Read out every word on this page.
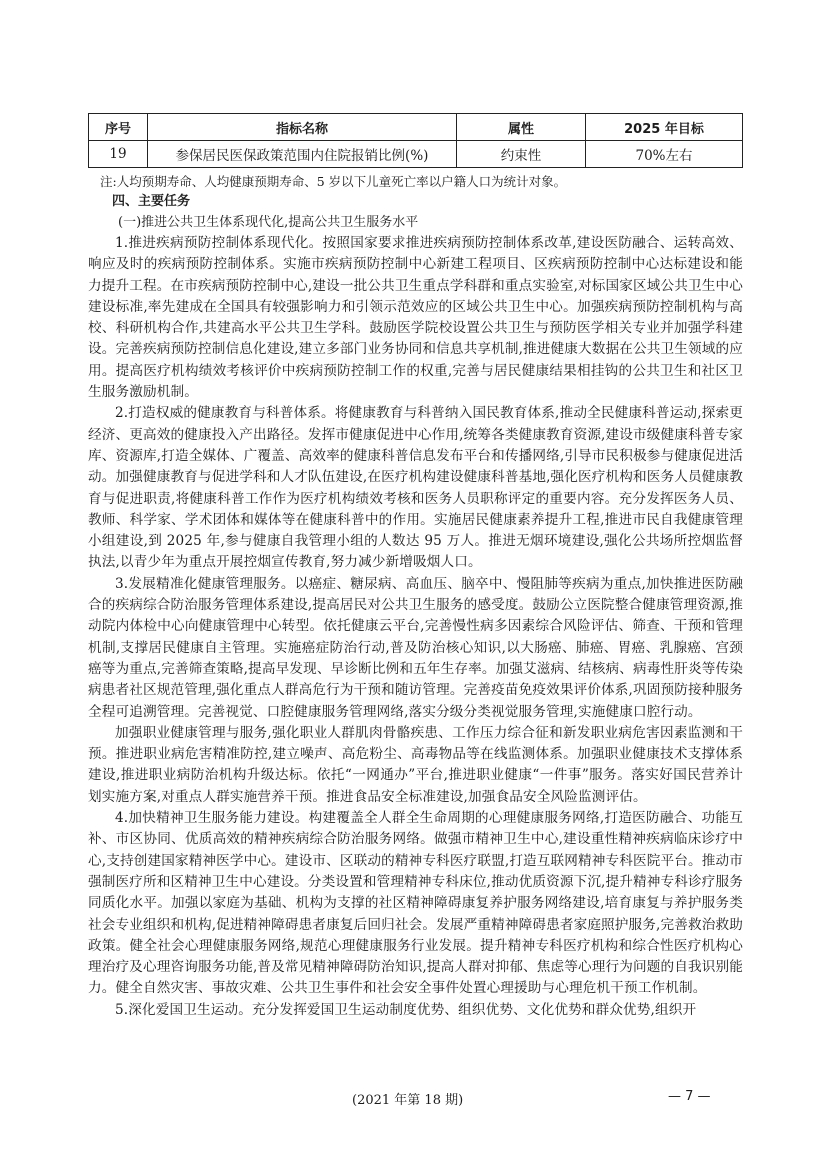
序号	指标名称	属性	2025 年目标
19	参保居民医保政策范围内住院报销比例(%)	约束性	70%左右
注:人均预期寿命、人均健康预期寿命、5 岁以下儿童死亡率以户籍人口为统计对象。
四、主要任务
(一)推进公共卫生体系现代化,提高公共卫生服务水平

1.推进疾病预防控制体系现代化。按照国家要求推进疾病预防控制体系改革,建设医防融合、运转高效、响应及时的疾病预防控制体系。实施市疾病预防控制中心新建工程项目、区疾病预防控制中心达标建设和能力提升工程。在市疾病预防控制中心,建设一批公共卫生重点学科群和重点实验室,对标国家区域公共卫生中心建设标准,率先建成在全国具有较强影响力和引领示范效应的区域公共卫生中心。加强疾病预防控制机构与高校、科研机构合作,共建高水平公共卫生学科。鼓励医学院校设置公共卫生与预防医学相关专业并加强学科建设。完善疾病预防控制信息化建设,建立多部门业务协同和信息共享机制,推进健康大数据在公共卫生领域的应用。提高医疗机构绩效考核评价中疾病预防控制工作的权重,完善与居民健康结果相挂钩的公共卫生和社区卫生服务激励机制。

2.打造权威的健康教育与科普体系。将健康教育与科普纳入国民教育体系,推动全民健康科普运动,探索更经济、更高效的健康投入产出路径。发挥市健康促进中心作用,统筹各类健康教育资源,建设市级健康科普专家库、资源库,打造全媒体、广覆盖、高效率的健康科普信息发布平台和传播网络,引导市民积极参与健康促进活动。加强健康教育与促进学科和人才队伍建设,在医疗机构建设健康科普基地,强化医疗机构和医务人员健康教育与促进职责,将健康科普工作作为医疗机构绩效考核和医务人员职称评定的重要内容。充分发挥医务人员、教师、科学家、学术团体和媒体等在健康科普中的作用。实施居民健康素养提升工程,推进市民自我健康管理小组建设,到 2025 年,参与健康自我管理小组的人数达 95 万人。推进无烟环境建设,强化公共场所控烟监督执法,以青少年为重点开展控烟宣传教育,努力减少新增吸烟人口。

3.发展精准化健康管理服务。以癌症、糖尿病、高血压、脑卒中、慢阻肺等疾病为重点,加快推进医防融合的疾病综合防治服务管理体系建设,提高居民对公共卫生服务的感受度。鼓励公立医院整合健康管理资源,推动院内体检中心向健康管理中心转型。依托健康云平台,完善慢性病多因素综合风险评估、筛查、干预和管理机制,支撑居民健康自主管理。实施癌症防治行动,普及防治核心知识,以大肠癌、肺癌、胃癌、乳腺癌、宫颈癌等为重点,完善筛查策略,提高早发现、早诊断比例和五年生存率。加强艾滋病、结核病、病毒性肝炎等传染病患者社区规范管理,强化重点人群高危行为干预和随访管理。完善疫苗免疫效果评价体系,巩固预防接种服务全程可追溯管理。完善视觉、口腔健康服务管理网络,落实分级分类视觉服务管理,实施健康口腔行动。

加强职业健康管理与服务,强化职业人群肌肉骨骼疾患、工作压力综合征和新发职业病危害因素监测和干预。推进职业病危害精准防控,建立噪声、高危粉尘、高毒物品等在线监测体系。加强职业健康技术支撑体系建设,推进职业病防治机构升级达标。依托“一网通办”平台,推进职业健康“一件事”服务。落实好国民营养计划实施方案,对重点人群实施营养干预。推进食品安全标准建设,加强食品安全风险监测评估。

4.加快精神卫生服务能力建设。构建覆盖全人群全生命周期的心理健康服务网络,打造医防融合、功能互补、市区协同、优质高效的精神疾病综合防治服务网络。做强市精神卫生中心,建设重性精神疾病临床诊疗中心,支持创建国家精神医学中心。建设市、区联动的精神专科医疗联盟,打造互联网精神专科医院平台。推动市强制医疗所和区精神卫生中心建设。分类设置和管理精神专科床位,推动优质资源下沉,提升精神专科诊疗服务同质化水平。加强以家庭为基础、机构为支撑的社区精神障碍康复养护服务网络建设,培育康复与养护服务类社会专业组织和机构,促进精神障碍患者康复后回归社会。发展严重精神障碍患者家庭照护服务,完善救治救助政策。健全社会心理健康服务网络,规范心理健康服务行业发展。提升精神专科医疗机构和综合性医疗机构心理治疗及心理咨询服务功能,普及常见精神障碍防治知识,提高人群对抑郁、焦虑等心理行为问题的自我识别能力。健全自然灾害、事故灾难、公共卫生事件和社会安全事件处置心理援助与心理危机干预工作机制。

5.深化爱国卫生运动。充分发挥爱国卫生运动制度优势、组织优势、文化优势和群众优势,组织开

(2021 年第 18 期)	— 7 —
